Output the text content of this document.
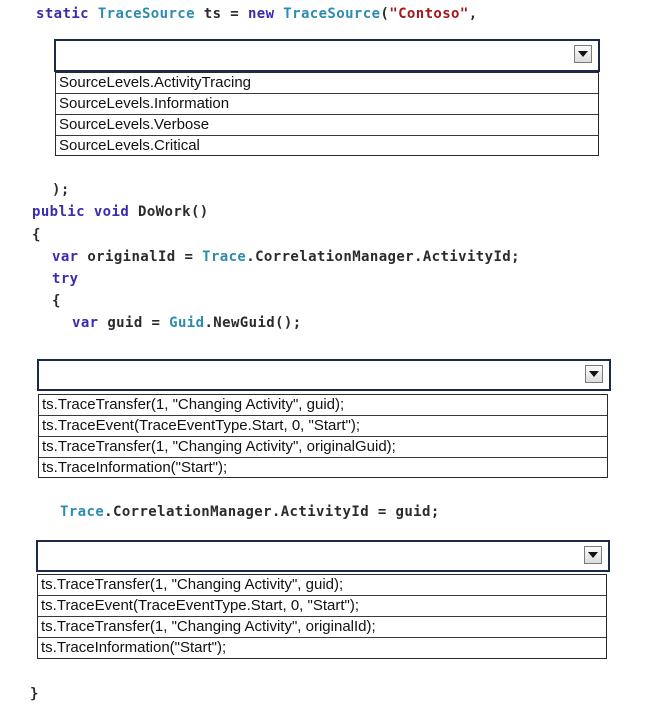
static TraceSource ts = new TraceSource("Contoso",
SourceLevels.ActivityTracing
SourceLevels.Information
SourceLevels.Verbose
SourceLevels.Critical
);
public void DoWork()
{
var originalId = Trace.CorrelationManager.ActivityId;
try
{
var guid = Guid.NewGuid();
ts.TraceTransfer(1, "Changing Activity", guid);
ts.TraceEvent(TraceEventType.Start, 0, "Start");
ts.TraceTransfer(1, "Changing Activity", originalGuid);
ts.TraceInformation("Start");
Trace.CorrelationManager.ActivityId = guid;
ts.TraceTransfer(1, "Changing Activity", guid);
ts.TraceEvent(TraceEventType.Start, 0, "Start");
ts.TraceTransfer(1, "Changing Activity", originalId);
ts.TraceInformation("Start");
}
